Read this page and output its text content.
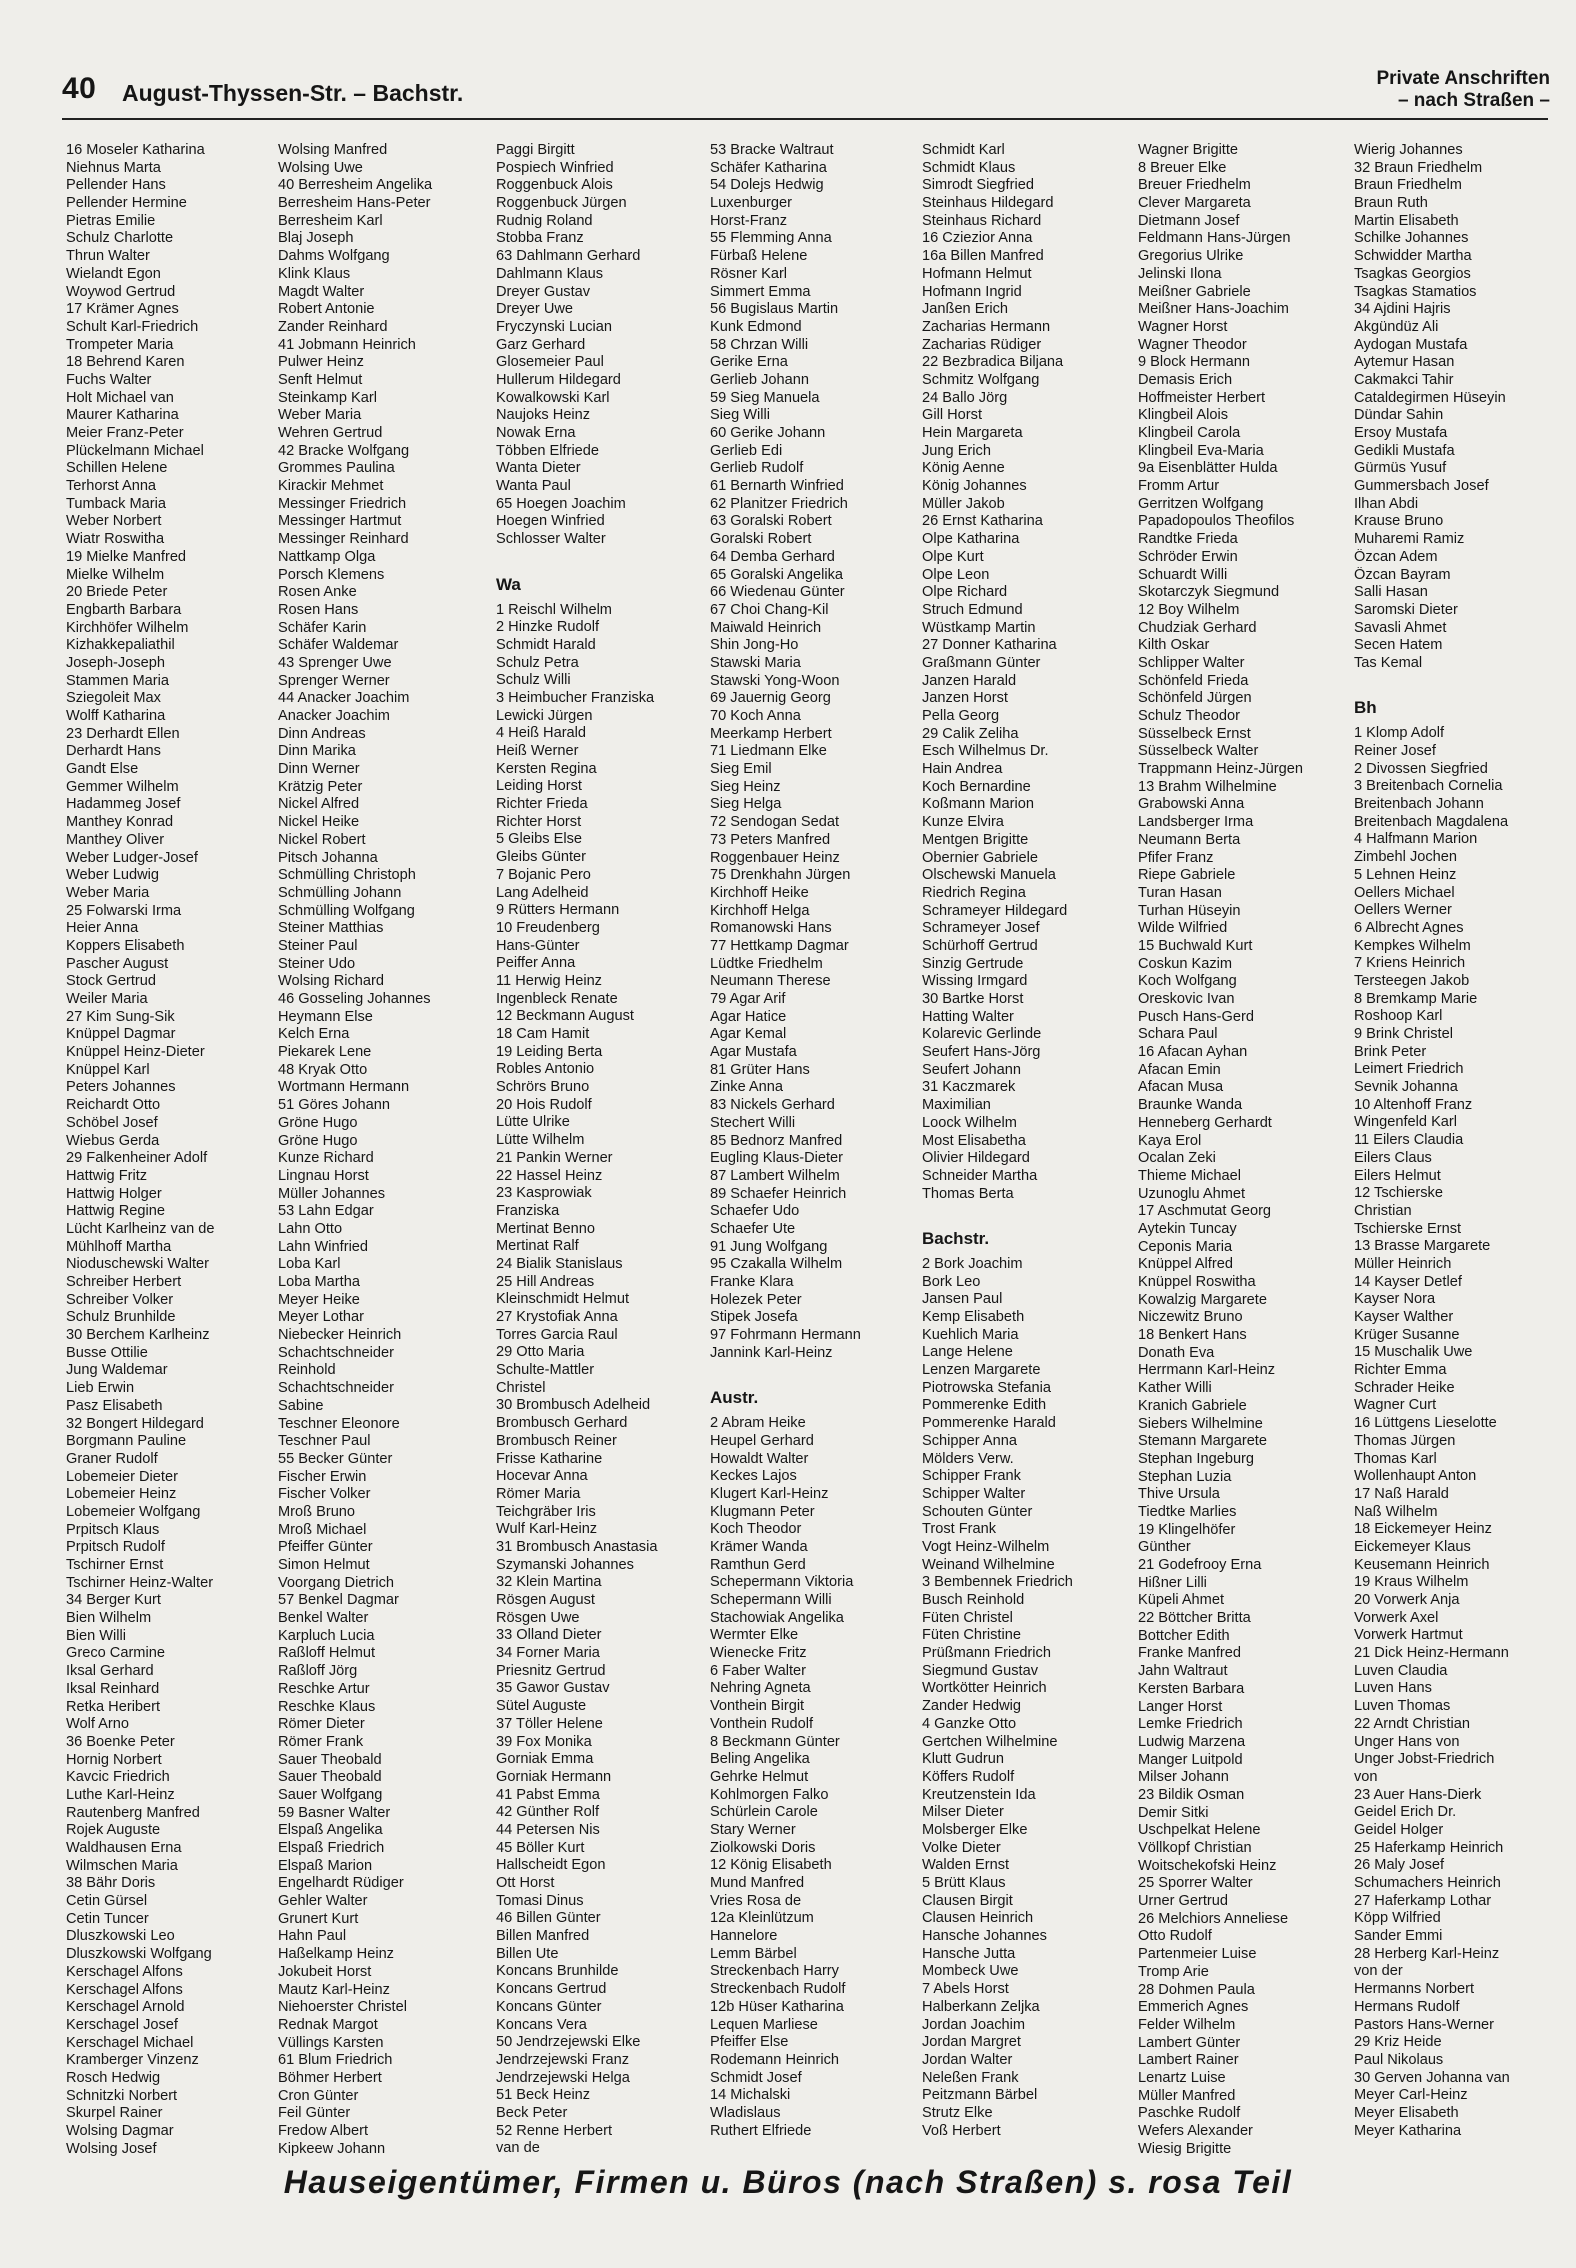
40 August-Thyssen-Str. – Bachstr.
Private Anschriften
– nach Straßen –
16 Moseler Katharina
Niehnus Marta
Pellender Hans
Pellender Hermine
Pietras Emilie
Schulz Charlotte
Thrun Walter
Wielandt Egon
Woywod Gertrud
17 Krämer Agnes
Schult Karl-Friedrich
Trompeter Maria
18 Behrend Karen
Fuchs Walter
Holt Michael van
Maurer Katharina
Meier Franz-Peter
Plückelmann Michael
Schillen Helene
Terhorst Anna
Tumback Maria
Weber Norbert
Wiatr Roswitha
19 Mielke Manfred
Mielke Wilhelm
20 Briede Peter
Engbarth Barbara
Kirchhöfer Wilhelm
Kizhakkepaliathil
Joseph-Joseph
Stammen Maria
Sziegoleit Max
Wolff Katharina
23 Derhardt Ellen
Derhardt Hans
Gandt Else
Gemmer Wilhelm
Hadammeg Josef
Manthey Konrad
Manthey Oliver
Weber Ludger-Josef
Weber Ludwig
Weber Maria
25 Folwarski Irma
Heier Anna
Koppers Elisabeth
Pascher August
Stock Gertrud
Weiler Maria
27 Kim Sung-Sik
Knüppel Dagmar
Knüppel Heinz-Dieter
Knüppel Karl
Peters Johannes
Reichardt Otto
Schöbel Josef
Wiebus Gerda
29 Falkenheiner Adolf
Hattwig Fritz
Hattwig Holger
Hattwig Regine
Lücht Karlheinz van de
Mühlhoff Martha
Nioduschewski Walter
Schreiber Herbert
Schreiber Volker
Schulz Brunhilde
30 Berchem Karlheinz
Busse Ottilie
Jung Waldemar
Lieb Erwin
Pasz Elisabeth
32 Bongert Hildegard
Borgmann Pauline
Graner Rudolf
Lobemeier Dieter
Lobemeier Heinz
Lobemeier Wolfgang
Prpitsch Klaus
Prpitsch Rudolf
Tschirner Ernst
Tschirner Heinz-Walter
34 Berger Kurt
Bien Wilhelm
Bien Willi
Greco Carmine
Iksal Gerhard
Iksal Reinhard
Retka Heribert
Wolf Arno
36 Boenke Peter
Hornig Norbert
Kavcic Friedrich
Luthe Karl-Heinz
Rautenberg Manfred
Rojek Auguste
Waldhausen Erna
Wilmschen Maria
38 Bähr Doris
Cetin Gürsel
Cetin Tuncer
Dluszkowski Leo
Dluszkowski Wolfgang
Kerschagel Alfons
Kerschagel Alfons
Kerschagel Arnold
Kerschagel Josef
Kerschagel Michael
Kramberger Vinzenz
Rosch Hedwig
Schnitzki Norbert
Skurpel Rainer
Wolsing Dagmar
Wolsing Josef
Wolsing Manfred
Wolsing Uwe
40 Berresheim Angelika
Berresheim Hans-Peter
Berresheim Karl
Blaj Joseph
Dahms Wolfgang
Klink Klaus
Magdt Walter
Robert Antonie
Zander Reinhard
41 Jobmann Heinrich
Pulwer Heinz
Senft Helmut
Steinkamp Karl
Weber Maria
Wehren Gertrud
42 Bracke Wolfgang
Grommes Paulina
Kirackir Mehmet
Messinger Friedrich
Messinger Hartmut
Messinger Reinhard
Nattkamp Olga
Porsch Klemens
Rosen Anke
Rosen Hans
Schäfer Karin
Schäfer Waldemar
43 Sprenger Uwe
Sprenger Werner
44 Anacker Joachim
Anacker Joachim
Dinn Andreas
Dinn Marika
Dinn Werner
Krätzig Peter
Nickel Alfred
Nickel Heike
Nickel Robert
Pitsch Johanna
Schmülling Christoph
Schmülling Johann
Schmülling Wolfgang
Steiner Matthias
Steiner Paul
Steiner Udo
Wolsing Richard
46 Gosseling Johannes
Heymann Else
Kelch Erna
Piekarek Lene
48 Kryak Otto
Wortmann Hermann
51 Göres Johann
Gröne Hugo
Gröne Hugo
Kunze Richard
Lingnau Horst
Müller Johannes
53 Lahn Edgar
Lahn Otto
Lahn Winfried
Loba Karl
Loba Martha
Meyer Heike
Meyer Lothar
Niebecker Heinrich
Schachtschneider
Reinhold
Schachtschneider
Sabine
Teschner Eleonore
Teschner Paul
55 Becker Günter
Fischer Erwin
Fischer Volker
Mroß Bruno
Mroß Michael
Pfeiffer Günter
Simon Helmut
Voorgang Dietrich
57 Benkel Dagmar
Benkel Walter
Karpluch Lucia
Raßloff Helmut
Raßloff Jörg
Reschke Artur
Reschke Klaus
Römer Dieter
Römer Frank
Sauer Theobald
Sauer Theobald
Sauer Wolfgang
59 Basner Walter
Elspaß Angelika
Elspaß Friedrich
Elspaß Marion
Engelhardt Rüdiger
Gehler Walter
Grunert Kurt
Hahn Paul
Haßelkamp Heinz
Jokubeit Horst
Mautz Karl-Heinz
Niehoerster Christel
Rednak Margot
Vüllings Karsten
61 Blum Friedrich
Böhmer Herbert
Cron Günter
Feil Günter
Fredow Albert
Kipkeew Johann
Paggi Birgitt
Pospiech Winfried
Roggenbuck Alois
Roggenbuck Jürgen
Rudnig Roland
Stobba Franz
63 Dahlmann Gerhard
Dahlmann Klaus
Dreyer Gustav
Dreyer Uwe
Fryczynski Lucian
Garz Gerhard
Glosemeier Paul
Hullerum Hildegard
Kowalkowski Karl
Naujoks Heinz
Nowak Erna
Többen Elfriede
Wanta Dieter
Wanta Paul
65 Hoegen Joachim
Hoegen Winfried
Schlosser Walter
Wa
1 Reischl Wilhelm
2 Hinzke Rudolf
Schmidt Harald
Schulz Petra
Schulz Willi
3 Heimbucher Franziska
Lewicki Jürgen
4 Heiß Harald
Heiß Werner
Kersten Regina
Leiding Horst
Richter Frieda
Richter Horst
5 Gleibs Else
Gleibs Günter
7 Bojanic Pero
Lang Adelheid
9 Rütters Hermann
10 Freudenberg
Hans-Günter
Peiffer Anna
11 Herwig Heinz
Ingenbleck Renate
12 Beckmann August
18 Cam Hamit
19 Leiding Berta
Robles Antonio
Schrörs Bruno
20 Hois Rudolf
Lütte Ulrike
Lütte Wilhelm
21 Pankin Werner
22 Hassel Heinz
23 Kasprowiak
Franziska
Mertinat Benno
Mertinat Ralf
24 Bialik Stanislaus
25 Hill Andreas
Kleinschmidt Helmut
27 Krystofiak Anna
Torres Garcia Raul
29 Otto Maria
Schulte-Mattler
Christel
30 Brombusch Adelheid
Brombusch Gerhard
Brombusch Reiner
Frisse Katharine
Hocevar Anna
Römer Maria
Teichgräber Iris
Wulf Karl-Heinz
31 Brombusch Anastasia
Szymanski Johannes
32 Klein Martina
Rösgen August
Rösgen Uwe
33 Olland Dieter
34 Forner Maria
Priesnitz Gertrud
35 Gawor Gustav
Sütel Auguste
37 Töller Helene
39 Fox Monika
Gorniak Emma
Gorniak Hermann
41 Pabst Emma
42 Günther Rolf
44 Petersen Nis
45 Böller Kurt
Hallscheidt Egon
Ott Horst
Tomasi Dinus
46 Billen Günter
Billen Manfred
Billen Ute
Koncans Brunhilde
Koncans Gertrud
Koncans Günter
Koncans Vera
50 Jendrzejewski Elke
Jendrzejewski Franz
Jendrzejewski Helga
51 Beck Heinz
Beck Peter
52 Renne Herbert
van de
53 Bracke Waltraut
Schäfer Katharina
54 Dolejs Hedwig
Luxenburger
Horst-Franz
55 Flemming Anna
Fürbaß Helene
Rösner Karl
Simmert Emma
56 Bugislaus Martin
Kunk Edmond
58 Chrzan Willi
Gerike Erna
Gerlieb Johann
59 Sieg Manuela
Sieg Willi
60 Gerike Johann
Gerlieb Edi
Gerlieb Rudolf
61 Bernarth Winfried
62 Planitzer Friedrich
63 Goralski Robert
Goralski Robert
64 Demba Gerhard
65 Goralski Angelika
66 Wiedenau Günter
67 Choi Chang-Kil
Maiwald Heinrich
Shin Jong-Ho
Stawski Maria
Stawski Yong-Woon
69 Jauernig Georg
70 Koch Anna
Meerkamp Herbert
71 Liedmann Elke
Sieg Emil
Sieg Heinz
Sieg Helga
72 Sendogan Sedat
73 Peters Manfred
Roggenbauer Heinz
75 Drenkhahn Jürgen
Kirchhoff Heike
Kirchhoff Helga
Romanowski Hans
77 Hettkamp Dagmar
Lüdtke Friedhelm
Neumann Therese
79 Agar Arif
Agar Hatice
Agar Kemal
Agar Mustafa
81 Grüter Hans
Zinke Anna
83 Nickels Gerhard
Stechert Willi
85 Bednorz Manfred
Eugling Klaus-Dieter
87 Lambert Wilhelm
89 Schaefer Heinrich
Schaefer Udo
Schaefer Ute
91 Jung Wolfgang
95 Czakalla Wilhelm
Franke Klara
Holezek Peter
Stipek Josefa
97 Fohrmann Hermann
Jannink Karl-Heinz
Austr.
2 Abram Heike
Heupel Gerhard
Howaldt Walter
Keckes Lajos
Klugert Karl-Heinz
Klugmann Peter
Koch Theodor
Krämer Wanda
Ramthun Gerd
Schepermann Viktoria
Schepermann Willi
Stachowiak Angelika
Wermter Elke
Wienecke Fritz
6 Faber Walter
Nehring Agneta
Vonthein Birgit
Vonthein Rudolf
8 Beckmann Günter
Beling Angelika
Gehrke Helmut
Kohlmorgen Falko
Schürlein Carole
Stary Werner
Ziolkowski Doris
12 König Elisabeth
Mund Manfred
Vries Rosa de
12a Kleinlützum
Hannelore
Lemm Bärbel
Streckenbach Harry
Streckenbach Rudolf
12b Hüser Katharina
Lequen Marliese
Pfeiffer Else
Rodemann Heinrich
Schmidt Josef
14 Michalski
Wladislaus
Ruthert Elfriede
Schmidt Karl
Schmidt Klaus
Simrodt Siegfried
Steinhaus Hildegard
Steinhaus Richard
16 Cziezior Anna
16a Billen Manfred
Hofmann Helmut
Hofmann Ingrid
Janßen Erich
Zacharias Hermann
Zacharias Rüdiger
22 Bezbradica Biljana
Schmitz Wolfgang
24 Ballo Jörg
Gill Horst
Hein Margareta
Jung Erich
König Aenne
König Johannes
Müller Jakob
26 Ernst Katharina
Olpe Katharina
Olpe Kurt
Olpe Leon
Olpe Richard
Struch Edmund
Wüstkamp Martin
27 Donner Katharina
Graßmann Günter
Janzen Harald
Janzen Horst
Pella Georg
29 Calik Zeliha
Esch Wilhelmus Dr.
Hain Andrea
Koch Bernardine
Koßmann Marion
Kunze Elvira
Mentgen Brigitte
Obernier Gabriele
Olschewski Manuela
Riedrich Regina
Schrameyer Hildegard
Schrameyer Josef
Schürhoff Gertrud
Sinzig Gertrude
Wissing Irmgard
30 Bartke Horst
Hatting Walter
Kolarevic Gerlinde
Seufert Hans-Jörg
Seufert Johann
31 Kaczmarek
Maximilian
Loock Wilhelm
Most Elisabetha
Olivier Hildegard
Schneider Martha
Thomas Berta
Bachstr.
2 Bork Joachim
Bork Leo
Jansen Paul
Kemp Elisabeth
Kuehlich Maria
Lange Helene
Lenzen Margarete
Piotrowska Stefania
Pommerenke Edith
Pommerenke Harald
Schipper Anna
Mölders Verw.
Schipper Frank
Schipper Walter
Schouten Günter
Trost Frank
Vogt Heinz-Wilhelm
Weinand Wilhelmine
3 Bembennek Friedrich
Busch Reinhold
Füten Christel
Füten Christine
Prüßmann Friedrich
Siegmund Gustav
Wortkötter Heinrich
Zander Hedwig
4 Ganzke Otto
Gertchen Wilhelmine
Klutt Gudrun
Köffers Rudolf
Kreutzenstein Ida
Milser Dieter
Molsberger Elke
Volke Dieter
Walden Ernst
5 Brütt Klaus
Clausen Birgit
Clausen Heinrich
Hansche Johannes
Hansche Jutta
Mombeck Uwe
7 Abels Horst
Halberkann Zeljka
Jordan Joachim
Jordan Margret
Jordan Walter
Neleßen Frank
Peitzmann Bärbel
Strutz Elke
Voß Herbert
Wagner Brigitte
8 Breuer Elke
Breuer Friedhelm
Clever Margareta
Dietmann Josef
Feldmann Hans-Jürgen
Gregorius Ulrike
Jelinski Ilona
Meißner Gabriele
Meißner Hans-Joachim
Wagner Horst
Wagner Theodor
9 Block Hermann
Demasis Erich
Hoffmeister Herbert
Klingbeil Alois
Klingbeil Carola
Klingbeil Eva-Maria
9a Eisenblätter Hulda
Fromm Artur
Gerritzen Wolfgang
Papadopoulos Theofilos
Randtke Frieda
Schröder Erwin
Schuardt Willi
Skotarczyk Siegmund
12 Boy Wilhelm
Chudziak Gerhard
Kilth Oskar
Schlipper Walter
Schönfeld Frieda
Schönfeld Jürgen
Schulz Theodor
Süsselbeck Ernst
Süsselbeck Walter
Trappmann Heinz-Jürgen
13 Brahm Wilhelmine
Grabowski Anna
Landsberger Irma
Neumann Berta
Pfifer Franz
Riepe Gabriele
Turan Hasan
Turhan Hüseyin
Wilde Wilfried
15 Buchwald Kurt
Coskun Kazim
Koch Wolfgang
Oreskovic Ivan
Pusch Hans-Gerd
Schara Paul
16 Afacan Ayhan
Afacan Emin
Afacan Musa
Braunke Wanda
Henneberg Gerhardt
Kaya Erol
Ocalan Zeki
Thieme Michael
Uzunoglu Ahmet
17 Aschmutat Georg
Aytekin Tuncay
Ceponis Maria
Knüppel Alfred
Knüppel Roswitha
Kowalzig Margarete
Niczewitz Bruno
18 Benkert Hans
Donath Eva
Herrmann Karl-Heinz
Kather Willi
Kranich Gabriele
Siebers Wilhelmine
Stemann Margarete
Stephan Ingeburg
Stephan Luzia
Thive Ursula
Tiedtke Marlies
19 Klingelhöfer
Günther
21 Godefrooy Erna
Hißner Lilli
Küpeli Ahmet
22 Böttcher Britta
Bottcher Edith
Franke Manfred
Jahn Waltraut
Kersten Barbara
Langer Horst
Lemke Friedrich
Ludwig Marzena
Manger Luitpold
Milser Johann
23 Bildik Osman
Demir Sitki
Uschpelkat Helene
Völlkopf Christian
Woitschekofski Heinz
25 Sporrer Walter
Urner Gertrud
26 Melchiors Anneliese
Otto Rudolf
Partenmeier Luise
Tromp Arie
28 Dohmen Paula
Emmerich Agnes
Felder Wilhelm
Lambert Günter
Lambert Rainer
Lenartz Luise
Müller Manfred
Paschke Rudolf
Wefers Alexander
Wiesig Brigitte
Wierig Johannes
32 Braun Friedhelm
Braun Friedhelm
Braun Ruth
Martin Elisabeth
Schilke Johannes
Schwidder Martha
Tsagkas Georgios
Tsagkas Stamatios
34 Ajdini Hajris
Akgündüz Ali
Aydogan Mustafa
Aytemur Hasan
Cakmakci Tahir
Cataldegirmen Hüseyin
Dündar Sahin
Ersoy Mustafa
Gedikli Mustafa
Gürmüs Yusuf
Gummersbach Josef
Ilhan Abdi
Krause Bruno
Muharemi Ramiz
Özcan Adem
Özcan Bayram
Salli Hasan
Saromski Dieter
Savasli Ahmet
Secen Hatem
Tas Kemal
Bh
1 Klomp Adolf
Reiner Josef
2 Divossen Siegfried
3 Breitenbach Cornelia
Breitenbach Johann
Breitenbach Magdalena
4 Halfmann Marion
Zimbehl Jochen
5 Lehnen Heinz
Oellers Michael
Oellers Werner
6 Albrecht Agnes
Kempkes Wilhelm
7 Kriens Heinrich
Tersteegen Jakob
8 Bremkamp Marie
Roshoop Karl
9 Brink Christel
Brink Peter
Leimert Friedrich
Sevnik Johanna
10 Altenhoff Franz
Wingenfeld Karl
11 Eilers Claudia
Eilers Claus
Eilers Helmut
12 Tschierske
Christian
Tschierske Ernst
13 Brasse Margarete
Müller Heinrich
14 Kayser Detlef
Kayser Nora
Kayser Walther
Krüger Susanne
15 Muschalik Uwe
Richter Emma
Schrader Heike
Wagner Curt
16 Lüttgens Lieselotte
Thomas Jürgen
Thomas Karl
Wollenhaupt Anton
17 Naß Harald
Naß Wilhelm
18 Eickemeyer Heinz
Eickemeyer Klaus
Keusemann Heinrich
19 Kraus Wilhelm
20 Vorwerk Anja
Vorwerk Axel
Vorwerk Hartmut
21 Dick Heinz-Hermann
Luven Claudia
Luven Hans
Luven Thomas
22 Arndt Christian
Unger Hans von
Unger Jobst-Friedrich
von
23 Auer Hans-Dierk
Geidel Erich Dr.
Geidel Holger
25 Haferkamp Heinrich
26 Maly Josef
Schumachers Heinrich
27 Haferkamp Lothar
Köpp Wilfried
Sander Emmi
28 Herberg Karl-Heinz
von der
Hermanns Norbert
Hermans Rudolf
Pastors Hans-Werner
29 Kriz Heide
Paul Nikolaus
30 Gerven Johanna van
Meyer Carl-Heinz
Meyer Elisabeth
Meyer Katharina
Hauseigentümer, Firmen u. Büros (nach Straßen) s. rosa Teil
